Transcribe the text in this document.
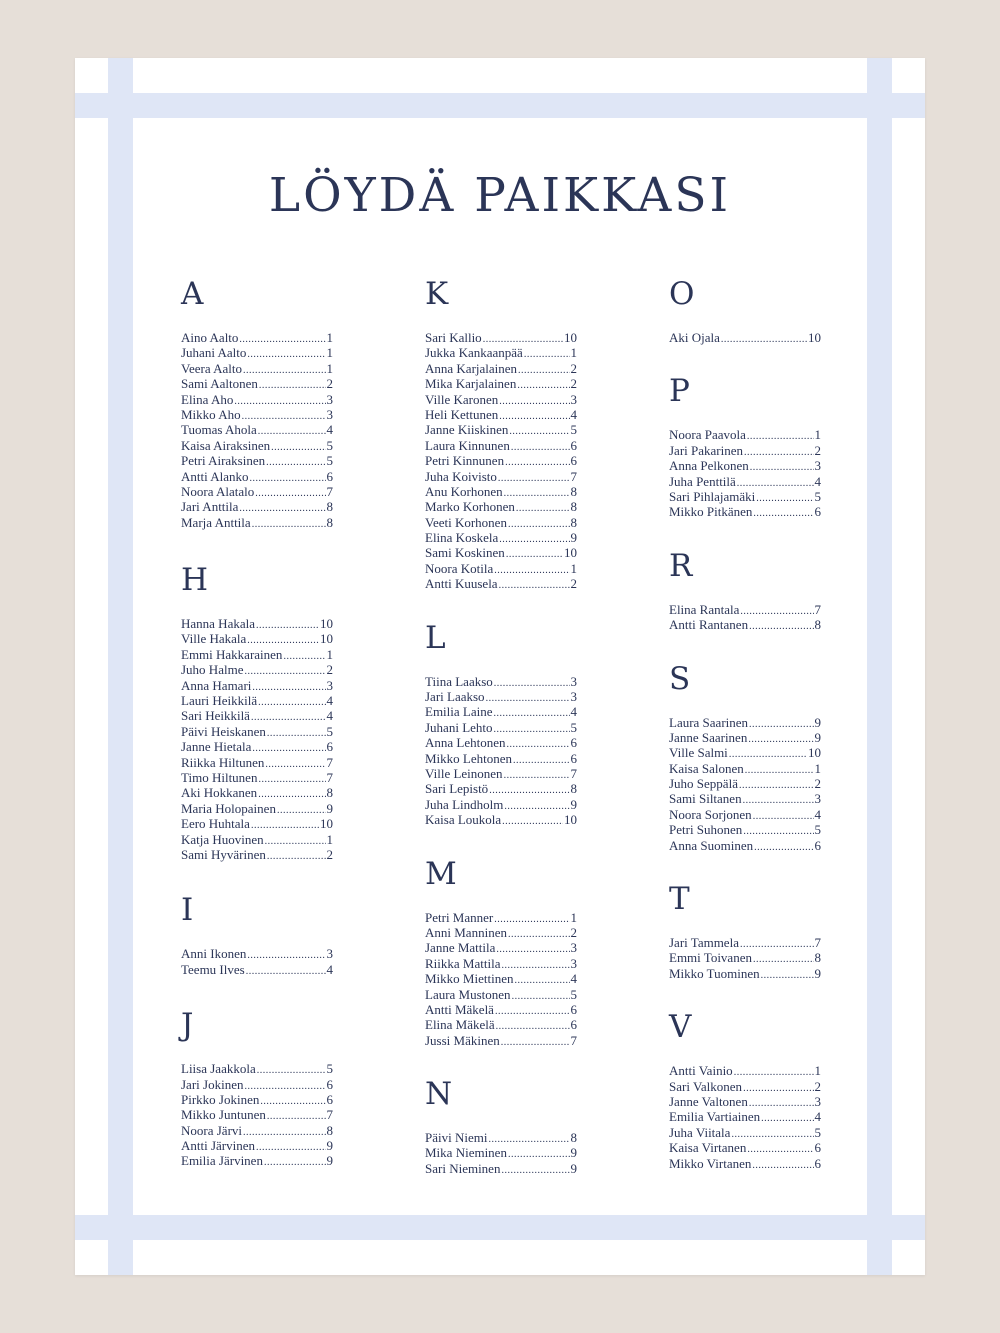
LÖYDÄ PAIKKASI
A
Aino Aalto .....	1
Juhani Aalto .....	1
Veera Aalto .....	1
Sami Aaltonen .....	2
Elina Aho .....	3
Mikko Aho .....	3
Tuomas Ahola .....	4
Kaisa Airaksinen .....	5
Petri Airaksinen .....	5
Antti Alanko .....	6
Noora Alatalo .....	7
Jari Anttila .....	8
Marja Anttila .....	8
H
Hanna Hakala .....	10
Ville Hakala .....	10
Emmi Hakkarainen .....	1
Juho Halme .....	2
Anna Hamari .....	3
Lauri Heikkilä .....	4
Sari Heikkilä .....	4
Päivi Heiskanen .....	5
Janne Hietala .....	6
Riikka Hiltunen .....	7
Timo Hiltunen .....	7
Aki Hokkanen .....	8
Maria Holopainen .....	9
Eero Huhtala .....	10
Katja Huovinen .....	1
Sami Hyvärinen .....	2
I
Anni Ikonen .....	3
Teemu Ilves .....	4
J
Liisa Jaakkola .....	5
Jari Jokinen .....	6
Pirkko Jokinen .....	6
Mikko Juntunen .....	7
Noora Järvi .....	8
Antti Järvinen .....	9
Emilia Järvinen .....	9
K
Sari Kallio .....	10
Jukka Kankaanpää .....	1
Anna Karjalainen .....	2
Mika Karjalainen .....	2
Ville Karonen .....	3
Heli Kettunen .....	4
Janne Kiiskinen .....	5
Laura Kinnunen .....	6
Petri Kinnunen .....	6
Juha Koivisto .....	7
Anu Korhonen .....	8
Marko Korhonen .....	8
Veeti Korhonen .....	8
Elina Koskela .....	9
Sami Koskinen .....	10
Noora Kotila .....	1
Antti Kuusela .....	2
L
Tiina Laakso .....	3
Jari Laakso .....	3
Emilia Laine .....	4
Juhani Lehto .....	5
Anna Lehtonen .....	6
Mikko Lehtonen .....	6
Ville Leinonen .....	7
Sari Lepistö .....	8
Juha Lindholm .....	9
Kaisa Loukola .....	10
M
Petri Manner .....	1
Anni Manninen .....	2
Janne Mattila .....	3
Riikka Mattila .....	3
Mikko Miettinen .....	4
Laura Mustonen .....	5
Antti Mäkelä .....	6
Elina Mäkelä .....	6
Jussi Mäkinen .....	7
N
Päivi Niemi .....	8
Mika Nieminen .....	9
Sari Nieminen .....	9
O
Aki Ojala .....	10
P
Noora Paavola .....	1
Jari Pakarinen .....	2
Anna Pelkonen .....	3
Juha Penttilä .....	4
Sari Pihlajamäki .....	5
Mikko Pitkänen .....	6
R
Elina Rantala .....	7
Antti Rantanen .....	8
S
Laura Saarinen .....	9
Janne Saarinen .....	9
Ville Salmi .....	10
Kaisa Salonen .....	1
Juho Seppälä .....	2
Sami Siltanen .....	3
Noora Sorjonen .....	4
Petri Suhonen .....	5
Anna Suominen .....	6
T
Jari Tammela .....	7
Emmi Toivanen .....	8
Mikko Tuominen .....	9
V
Antti Vainio .....	1
Sari Valkonen .....	2
Janne Valtonen .....	3
Emilia Vartiainen .....	4
Juha Viitala .....	5
Kaisa Virtanen .....	6
Mikko Virtanen .....	6
